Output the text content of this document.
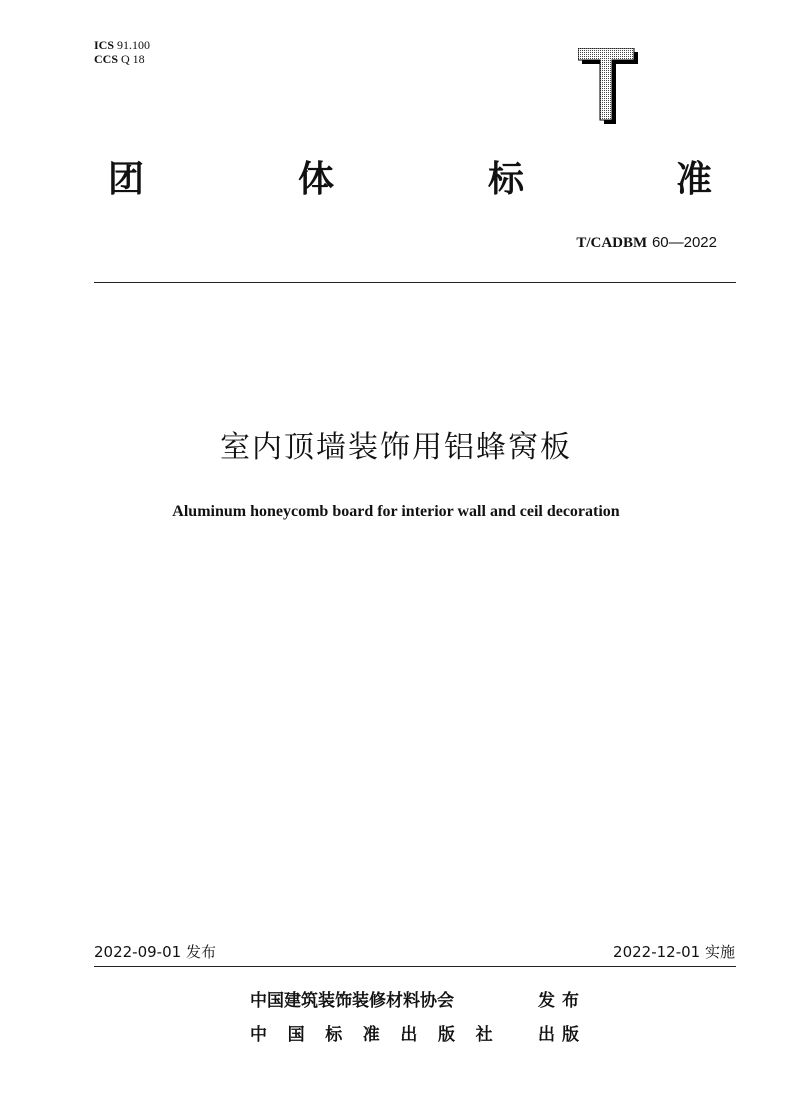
ICS 91.100
CCS Q 18
团	体	标	准
T/CADBM 60—2022
室内顶墙装饰用铝蜂窝板
Aluminum honeycomb board for interior wall and ceil decoration
2022-09-01 发布	2022-12-01 实施
中国建筑装饰装修材料协会	发 布
中 国 标 准 出 版 社	出 版
